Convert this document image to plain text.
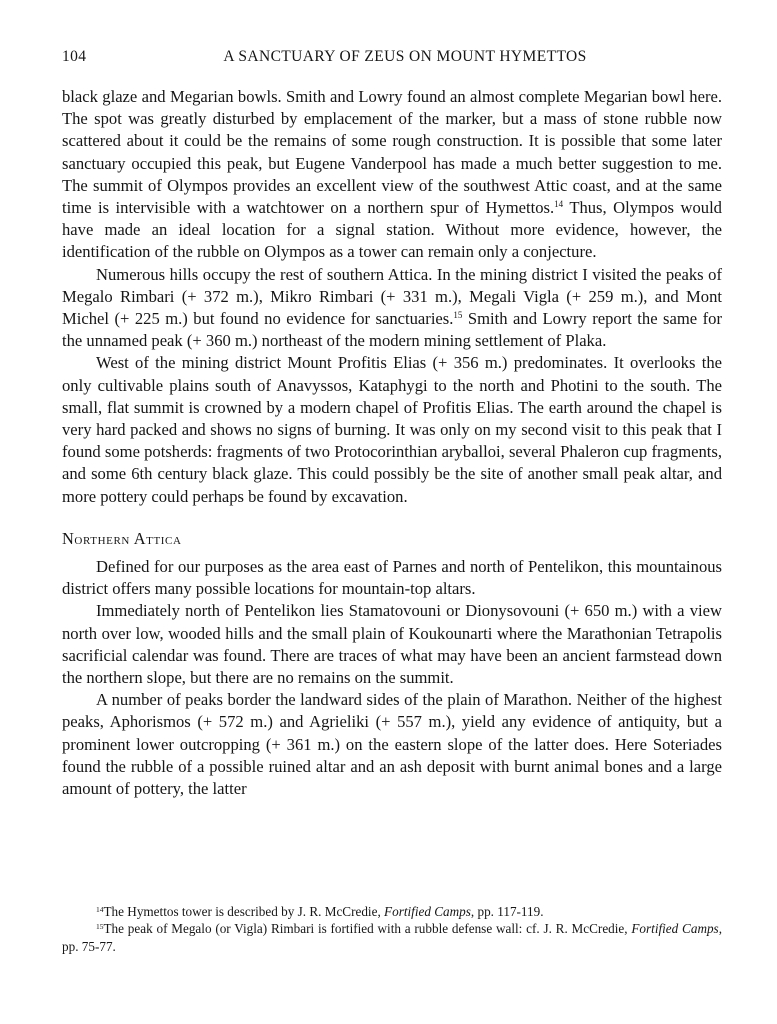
104	A SANCTUARY OF ZEUS ON MOUNT HYMETTOS

black glaze and Megarian bowls. Smith and Lowry found an almost complete Megarian bowl here. The spot was greatly disturbed by emplacement of the marker, but a mass of stone rubble now scattered about it could be the remains of some rough construction. It is possible that some later sanctuary occupied this peak, but Eugene Vanderpool has made a much better suggestion to me. The summit of Olympos provides an excellent view of the southwest Attic coast, and at the same time is intervisible with a watchtower on a northern spur of Hymettos.$^{14}$ Thus, Olympos would have made an ideal location for a signal station. Without more evidence, however, the identification of the rubble on Olympos as a tower can remain only a conjecture.

Numerous hills occupy the rest of southern Attica. In the mining district I visited the peaks of Megalo Rimbari (+ 372 m.), Mikro Rimbari (+ 331 m.), Megali Vigla (+ 259 m.), and Mont Michel (+ 225 m.) but found no evidence for sanctuaries.$^{15}$ Smith and Lowry report the same for the unnamed peak (+ 360 m.) northeast of the modern mining settlement of Plaka.

West of the mining district Mount Profitis Elias (+ 356 m.) predominates. It overlooks the only cultivable plains south of Anavyssos, Kataphygi to the north and Photini to the south. The small, flat summit is crowned by a modern chapel of Profitis Elias. The earth around the chapel is very hard packed and shows no signs of burning. It was only on my second visit to this peak that I found some potsherds: fragments of two Protocorinthian aryballoi, several Phaleron cup fragments, and some 6th century black glaze. This could possibly be the site of another small peak altar, and more pottery could perhaps be found by excavation.

Northern Attica

Defined for our purposes as the area east of Parnes and north of Pentelikon, this mountainous district offers many possible locations for mountain-top altars.

Immediately north of Pentelikon lies Stamatovouni or Dionysovouni (+ 650 m.) with a view north over low, wooded hills and the small plain of Koukounarti where the Marathonian Tetrapolis sacrificial calendar was found. There are traces of what may have been an ancient farmstead down the northern slope, but there are no remains on the summit.

A number of peaks border the landward sides of the plain of Marathon. Neither of the highest peaks, Aphorismos (+ 572 m.) and Agrieliki (+ 557 m.), yield any evidence of antiquity, but a prominent lower outcropping (+ 361 m.) on the eastern slope of the latter does. Here Soteriades found the rubble of a possible ruined altar and an ash deposit with burnt animal bones and a large amount of pottery, the latter

$^{14}$The Hymettos tower is described by J. R. McCredie, Fortified Camps, pp. 117-119.

$^{15}$The peak of Megalo (or Vigla) Rimbari is fortified with a rubble defense wall: cf. J. R. McCredie, Fortified Camps, pp. 75-77.
